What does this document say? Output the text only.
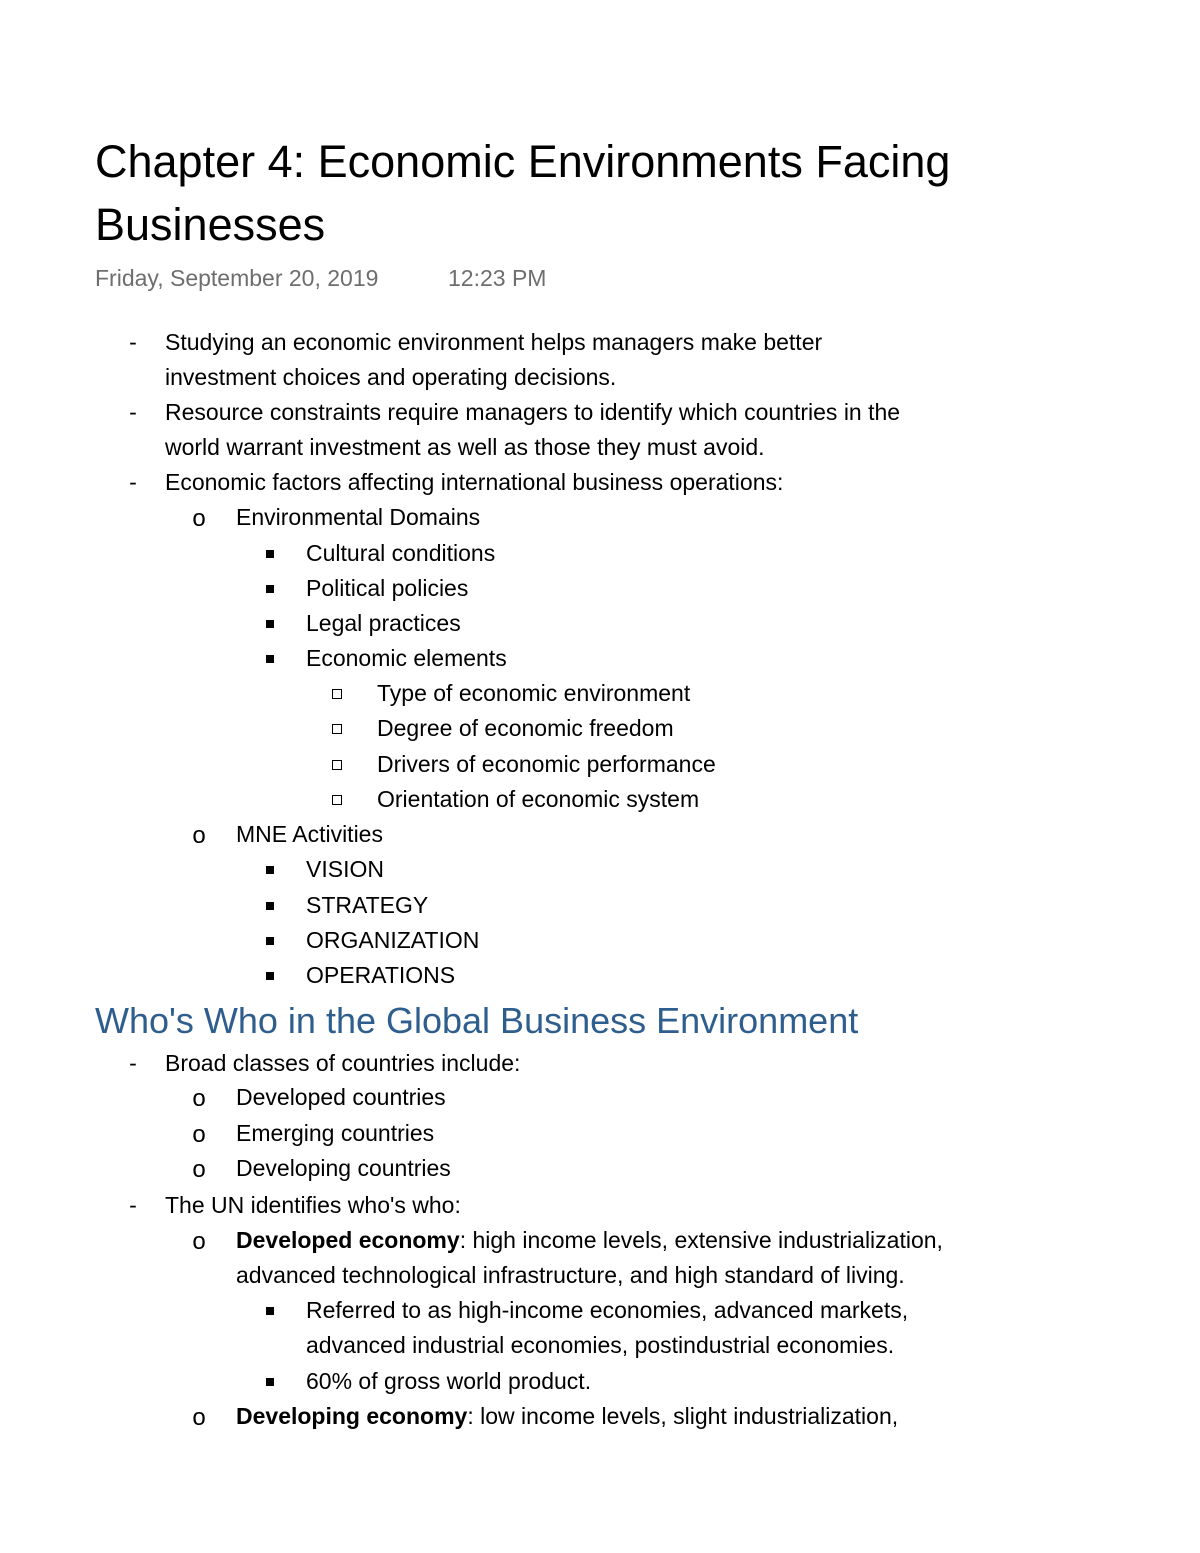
Chapter 4: Economic Environments Facing Businesses
Friday, September 20, 2019	12:23 PM
- Studying an economic environment helps managers make better
investment choices and operating decisions.
- Resource constraints require managers to identify which countries in the
world warrant investment as well as those they must avoid.
- Economic factors affecting international business operations:
o Environmental Domains
Cultural conditions
Political policies
Legal practices
Economic elements
Type of economic environment
Degree of economic freedom
Drivers of economic performance
Orientation of economic system
o MNE Activities
VISION
STRATEGY
ORGANIZATION
OPERATIONS
Who's Who in the Global Business Environment
- Broad classes of countries include:
o Developed countries
o Emerging countries
o Developing countries
- The UN identifies who's who:
o Developed economy: high income levels, extensive industrialization,
advanced technological infrastructure, and high standard of living.
Referred to as high-income economies, advanced markets,
advanced industrial economies, postindustrial economies.
60% of gross world product.
o Developing economy: low income levels, slight industrialization,
